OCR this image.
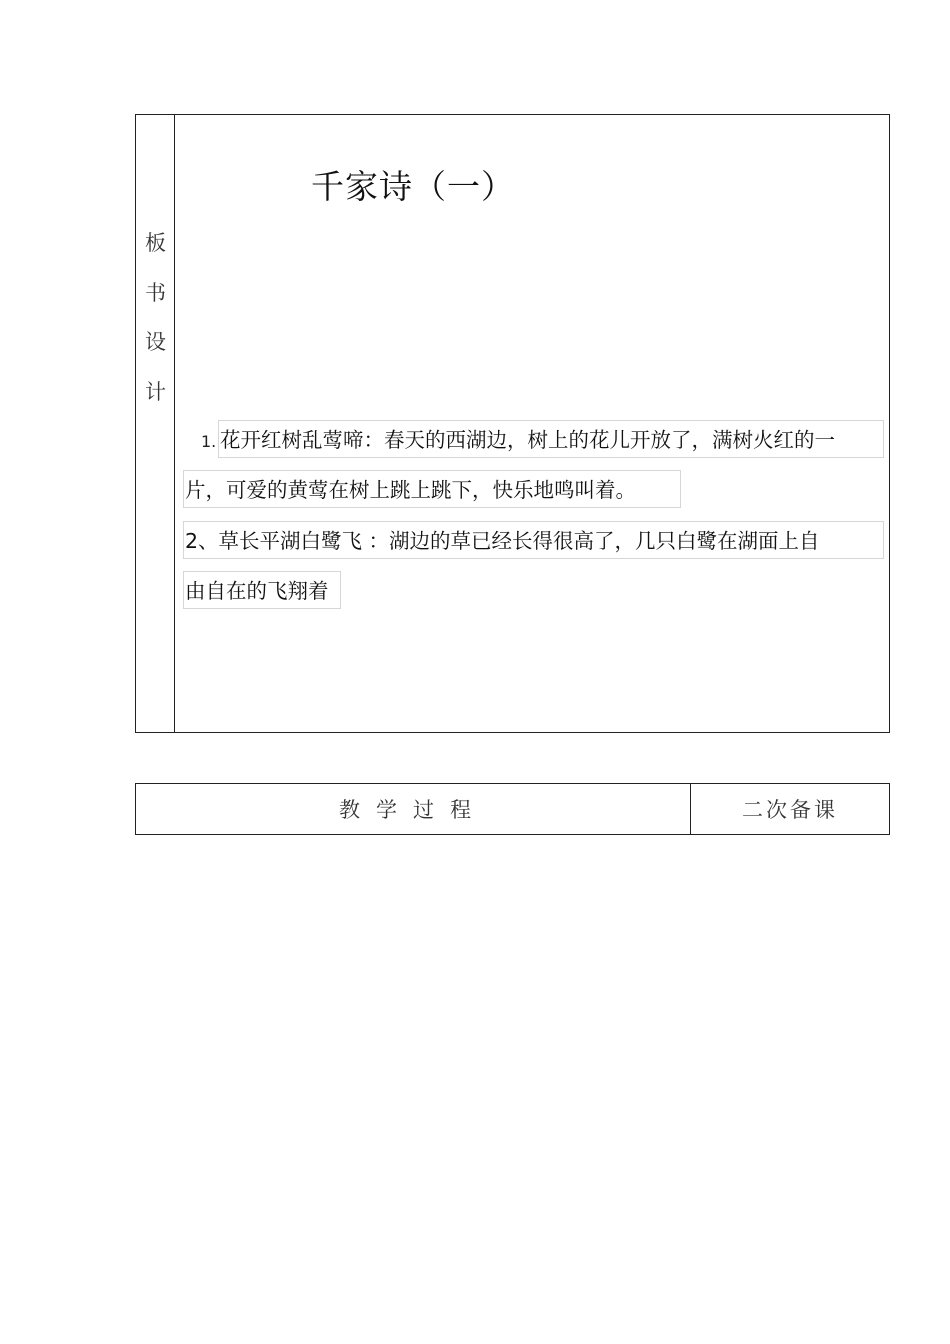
板
书
设
计
千家诗（一）
1. 花开红树乱莺啼：春天的西湖边，树上的花儿开放了，满树火红的一
片，可爱的黄莺在树上跳上跳下，快乐地鸣叫着。
2、草长平湖白鹭飞 ：湖边的草已经长得很高了，几只白鹭在湖面上自
由自在的飞翔着
教学过程	二次备课
